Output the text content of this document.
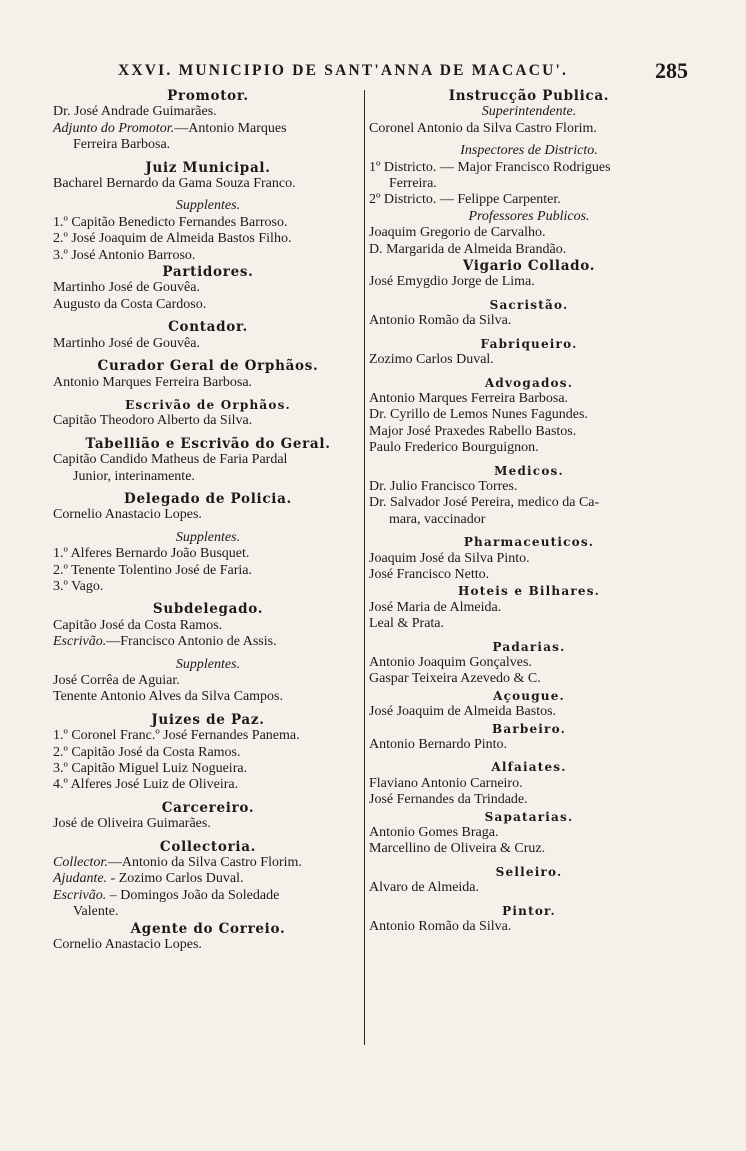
XXVI. MUNICIPIO DE SANT'ANNA DE MACACU'.	285
Promotor.
Dr. José Andrade Guimarães.
Adjunto do Promotor.—Antonio Marques
Ferreira Barbosa.
Juiz Municipal.
Bacharel Bernardo da Gama Souza Franco.
Supplentes.
1.º Capitão Benedicto Fernandes Barroso.
2.º José Joaquim de Almeida Bastos Filho.
3.º José Antonio Barroso.
Partidores.
Martinho José de Gouvêa.
Augusto da Costa Cardoso.
Contador.
Martinho José de Gouvêa.
Curador Geral de Orphãos.
Antonio Marques Ferreira Barbosa.
Escrivão de Orphãos.
Capitão Theodoro Alberto da Silva.
Tabellião e Escrivão do Geral.
Capitão Candido Matheus de Faria Pardal
Junior, interinamente.
Delegado de Policia.
Cornelio Anastacio Lopes.
Supplentes.
1.º Alferes Bernardo João Busquet.
2.º Tenente Tolentino José de Faria.
3.º Vago.
Subdelegado.
Capitão José da Costa Ramos.
Escrivão.—Francisco Antonio de Assis.
Supplentes.
José Corrêa de Aguiar.
Tenente Antonio Alves da Silva Campos.
Juizes de Paz.
1.º Coronel Franc.º José Fernandes Panema.
2.º Capitão José da Costa Ramos.
3.º Capitão Miguel Luiz Nogueira.
4.º Alferes José Luiz de Oliveira.
Carcereiro.
José de Oliveira Guimarães.
Collectoria.
Collector.—Antonio da Silva Castro Florim.
Ajudante. - Zozimo Carlos Duval.
Escrivão. – Domingos João da Soledade
Valente.
Agente do Correio.
Cornelio Anastacio Lopes.
Instrucção Publica.
Superintendente.
Coronel Antonio da Silva Castro Florim.
Inspectores de Districto.
1º Districto. — Major Francisco Rodrigues
Ferreira.
2º Districto. — Felippe Carpenter.
Professores Publicos.
Joaquim Gregorio de Carvalho.
D. Margarida de Almeida Brandão.
Vigario Collado.
José Emygdio Jorge de Lima.
Sacristão.
Antonio Romão da Silva.
Fabriqueiro.
Zozimo Carlos Duval.
Advogados.
Antonio Marques Ferreira Barbosa.
Dr. Cyrillo de Lemos Nunes Fagundes.
Major José Praxedes Rabello Bastos.
Paulo Frederico Bourguignon.
Medicos.
Dr. Julio Francisco Torres.
Dr. Salvador José Pereira, medico da Ca-
mara, vaccinador
Pharmaceuticos.
Joaquim José da Silva Pinto.
José Francisco Netto.
Hoteis e Bilhares.
José Maria de Almeida.
Leal & Prata.
Padarias.
Antonio Joaquim Gonçalves.
Gaspar Teixeira Azevedo & C.
Açougue.
José Joaquim de Almeida Bastos.
Barbeiro.
Antonio Bernardo Pinto.
Alfaiates.
Flaviano Antonio Carneiro.
José Fernandes da Trindade.
Sapatarias.
Antonio Gomes Braga.
Marcellino de Oliveira & Cruz.
Selleiro.
Alvaro de Almeida.
Pintor.
Antonio Romão da Silva.
